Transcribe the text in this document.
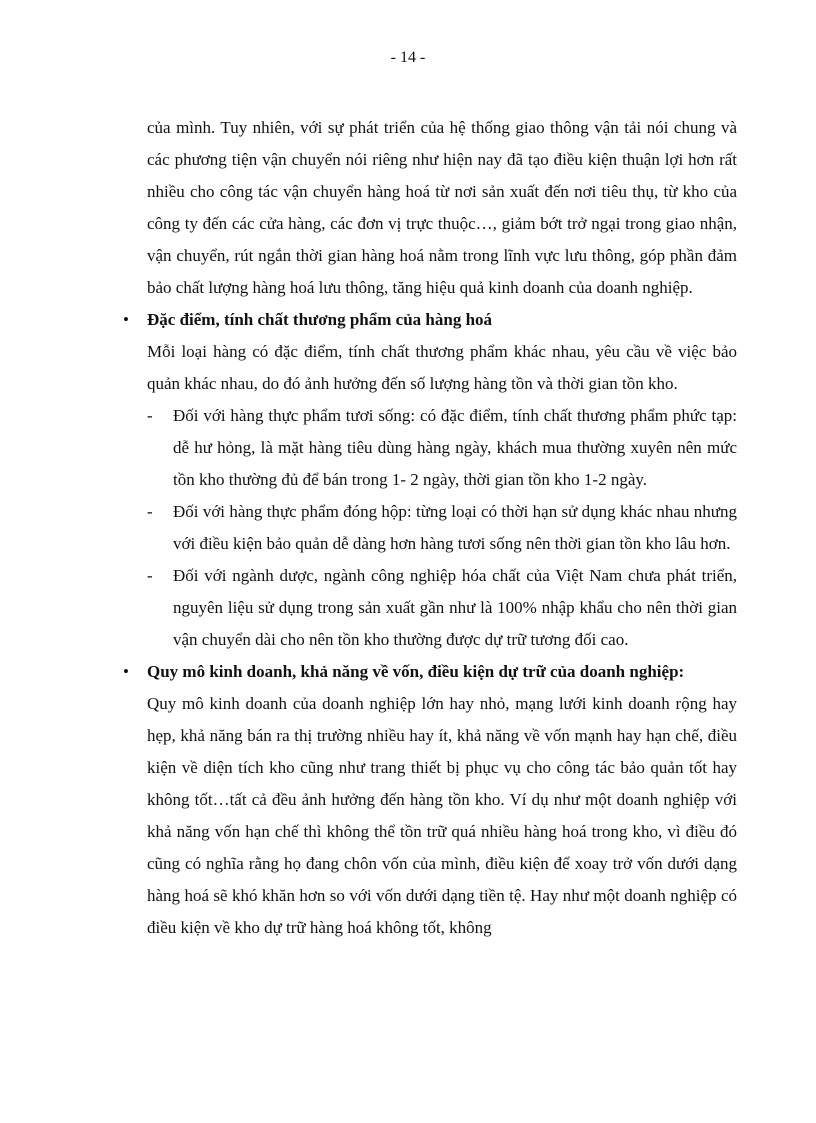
- 14 -

của mình. Tuy nhiên, với sự phát triển của hệ thống giao thông vận tải nói chung và các phương tiện vận chuyển nói riêng như hiện nay đã tạo điều kiện thuận lợi hơn rất nhiều cho công tác vận chuyển hàng hoá từ nơi sản xuất đến nơi tiêu thụ, từ kho của công ty đến các cửa hàng, các đơn vị trực thuộc…, giảm bớt trở ngại trong giao nhận, vận chuyển, rút ngắn thời gian hàng hoá nằm trong lĩnh vực lưu thông, góp phần đảm bảo chất lượng hàng hoá lưu thông, tăng hiệu quả kinh doanh của doanh nghiệp.

•	Đặc điểm, tính chất thương phẩm của hàng hoá

Mỗi loại hàng có đặc điểm, tính chất thương phẩm khác nhau, yêu cầu về việc bảo quản khác nhau, do đó ảnh hưởng đến số lượng hàng tồn và thời gian tồn kho.

- Đối với hàng thực phẩm tươi sống: có đặc điểm, tính chất thương phẩm phức tạp: dễ hư hỏng, là mặt hàng tiêu dùng hàng ngày, khách mua thường xuyên nên mức tồn kho thường đủ để bán trong 1- 2 ngày, thời gian tồn kho 1-2 ngày.
- Đối với hàng thực phẩm đóng hộp: từng loại có thời hạn sử dụng khác nhau nhưng với điều kiện bảo quản dễ dàng hơn hàng tươi sống nên thời gian tồn kho lâu hơn.
- Đối với ngành dược, ngành công nghiệp hóa chất của Việt Nam chưa phát triển, nguyên liệu sử dụng trong sản xuất gần như là 100% nhập khẩu cho nên thời gian vận chuyển dài cho nên tồn kho thường được dự trữ tương đối cao.

•	Quy mô kinh doanh, khả năng về vốn, điều kiện dự trữ của doanh nghiệp:

Quy mô kinh doanh của doanh nghiệp lớn hay nhỏ, mạng lưới kinh doanh rộng hay hẹp, khả năng bán ra thị trường nhiều hay ít, khả năng về vốn mạnh hay hạn chế, điều kiện về diện tích kho cũng như trang thiết bị phục vụ cho công tác bảo quản tốt hay không tốt…tất cả đều ảnh hưởng đến hàng tồn kho. Ví dụ như một doanh nghiệp với khả năng vốn hạn chế thì không thể tồn trữ quá nhiều hàng hoá trong kho, vì điều đó cũng có nghĩa rằng họ đang chôn vốn của mình, điều kiện để xoay trở vốn dưới dạng hàng hoá sẽ khó khăn hơn so với vốn dưới dạng tiền tệ. Hay như một doanh nghiệp có điều kiện về kho dự trữ hàng hoá không tốt, không
